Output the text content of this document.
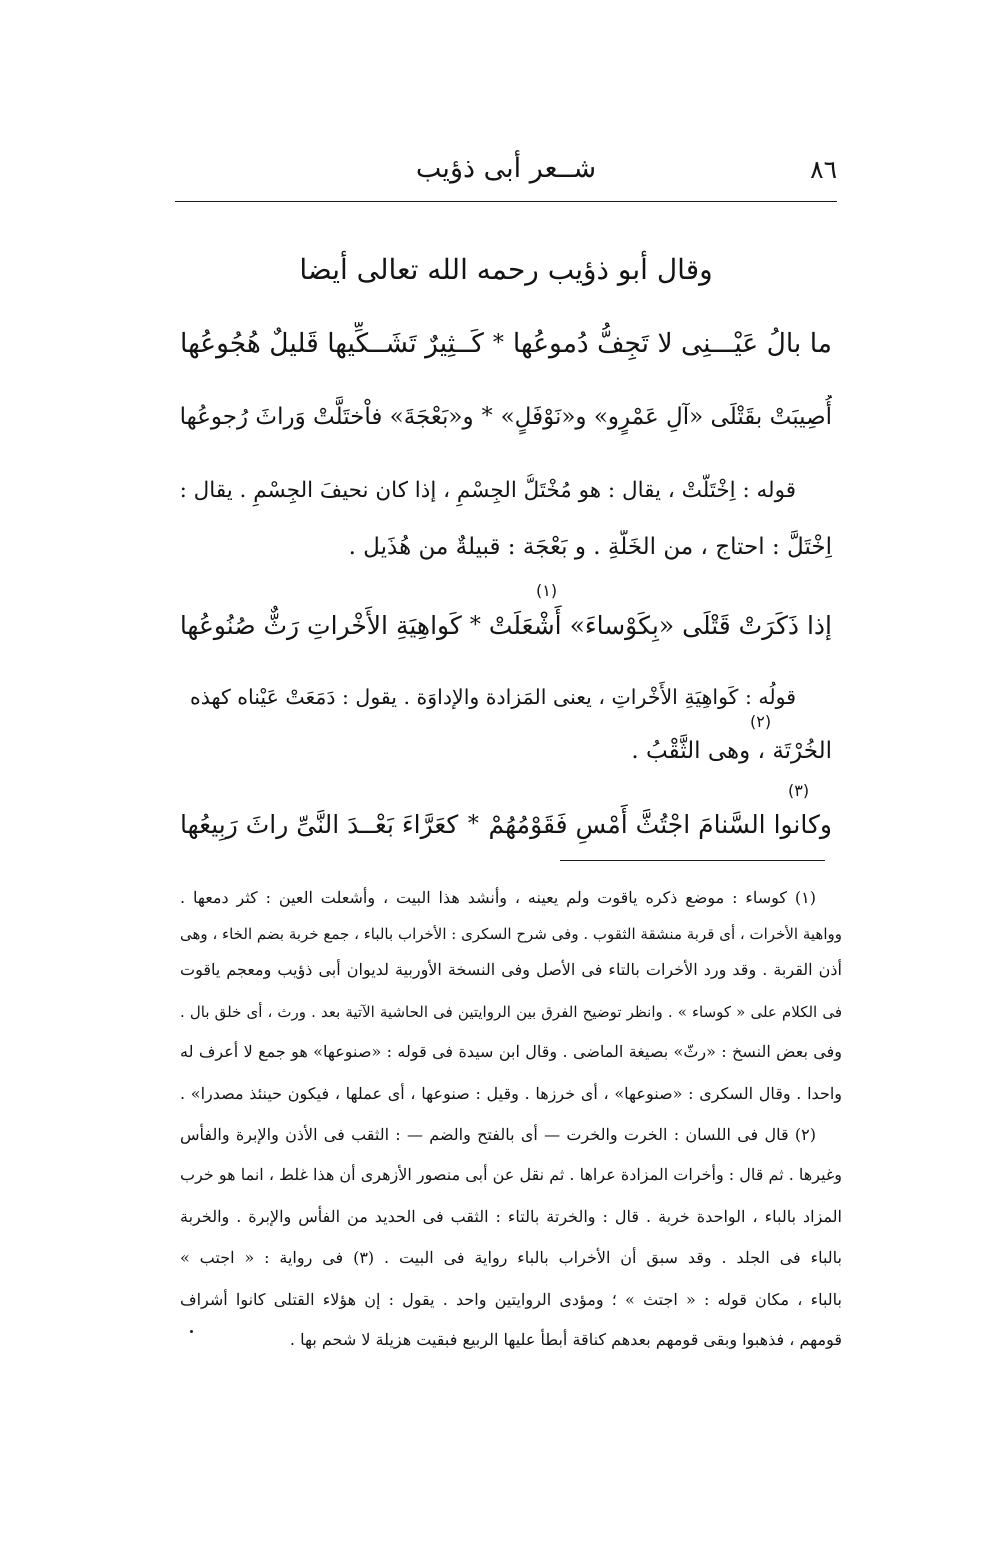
٨٦
شــعر أبى ذؤيب
وقال أبو ذؤيب رحمه الله تعالى أيضا
ما بالُ عَيْـــنِى لا تَجِفُّ دُموعُها
*
كَــثِيرٌ تَشَــكِّيها قَليلٌ هُجُوعُها
أُصِيبَتْ بقَتْلَى «آلِ عَمْرٍو» و«نَوْفَلٍ»
*
و«بَعْجَةَ» فاْختَلَّتْ وَراثَ رُجوعُها
قوله : اِخْتَلَّتْ ، يقال : هو مُخْتَلُّ الجِسْمِ ، إذا كان نحيفَ الجِسْمِ . يقال :
اِخْتَلَّ : احتاج ، من الخَلَّةِ . و بَعْجَة : قبيلةٌ من هُذَيل .
(١)
إذا ذَكَرَتْ قَتْلَى «بِكَوْساءَ» أَشْعَلَتْ
*
كَواهِيَةِ الأَخْراتِ رَثٌّ صُنُوعُها
قولُه : كَواهِيَةِ الأَخْراتِ ، يعنى المَزادة والإداوَة . يقول : دَمَعَتْ عَيْناه كهذه
(٢)
الخُرْتَة ، وهى الثَّقْبُ .
(٣)
وكانوا السَّنامَ اجْتُثَّ أَمْسِ فَقَوْمُهُمْ
*
كعَرَّاءَ بَعْــدَ النَّىِّ راثَ رَبِيعُها
(١) كوساء : موضع ذكره ياقوت ولم يعينه ، وأنشد هذا البيت ، وأشعلت العين : كثر دمعها .
وواهية الأخرات ، أى قربة منشقة الثقوب . وفى شرح السكرى : الأخراب بالباء ، جمع خربة بضم الخاء ، وهى
أذن القربة . وقد ورد الأخرات بالتاء فى الأصل وفى النسخة الأوربية لديوان أبى ذؤيب ومعجم ياقوت
فى الكلام على « كوساء » . وانظر توضيح الفرق بين الروايتين فى الحاشية الآتية بعد . ورث ، أى خلق بال .
وفى بعض النسخ : «رثّ» بصيغة الماضى . وقال ابن سيدة فى قوله : «صنوعها» هو جمع لا أعرف له
واحدا . وقال السكرى : «صنوعها» ، أى خرزها . وقيل : صنوعها ، أى عملها ، فيكون حينئذ مصدرا» .
(٢) قال فى اللسان : الخرت والخرت — أى بالفتح والضم — : الثقب فى الأذن والإبرة والفأس
وغيرها . ثم قال : وأخرات المزادة عراها . ثم نقل عن أبى منصور الأزهرى أن هذا غلط ، انما هو خرب
المزاد بالباء ، الواحدة خربة . قال : والخرتة بالتاء : الثقب فى الحديد من الفأس والإبرة . والخربة
بالباء فى الجلد . وقد سبق أن الأخراب بالباء رواية فى البيت . (٣) فى رواية : « اجتب »
بالباء ، مكان قوله : « اجتث » ؛ ومؤدى الروايتين واحد . يقول : إن هؤلاء القتلى كانوا أشراف
قومهم ، فذهبوا وبقى قومهم بعدهم كناقة أبطأ عليها الربيع فبقيت هزيلة لا شحم بها .
